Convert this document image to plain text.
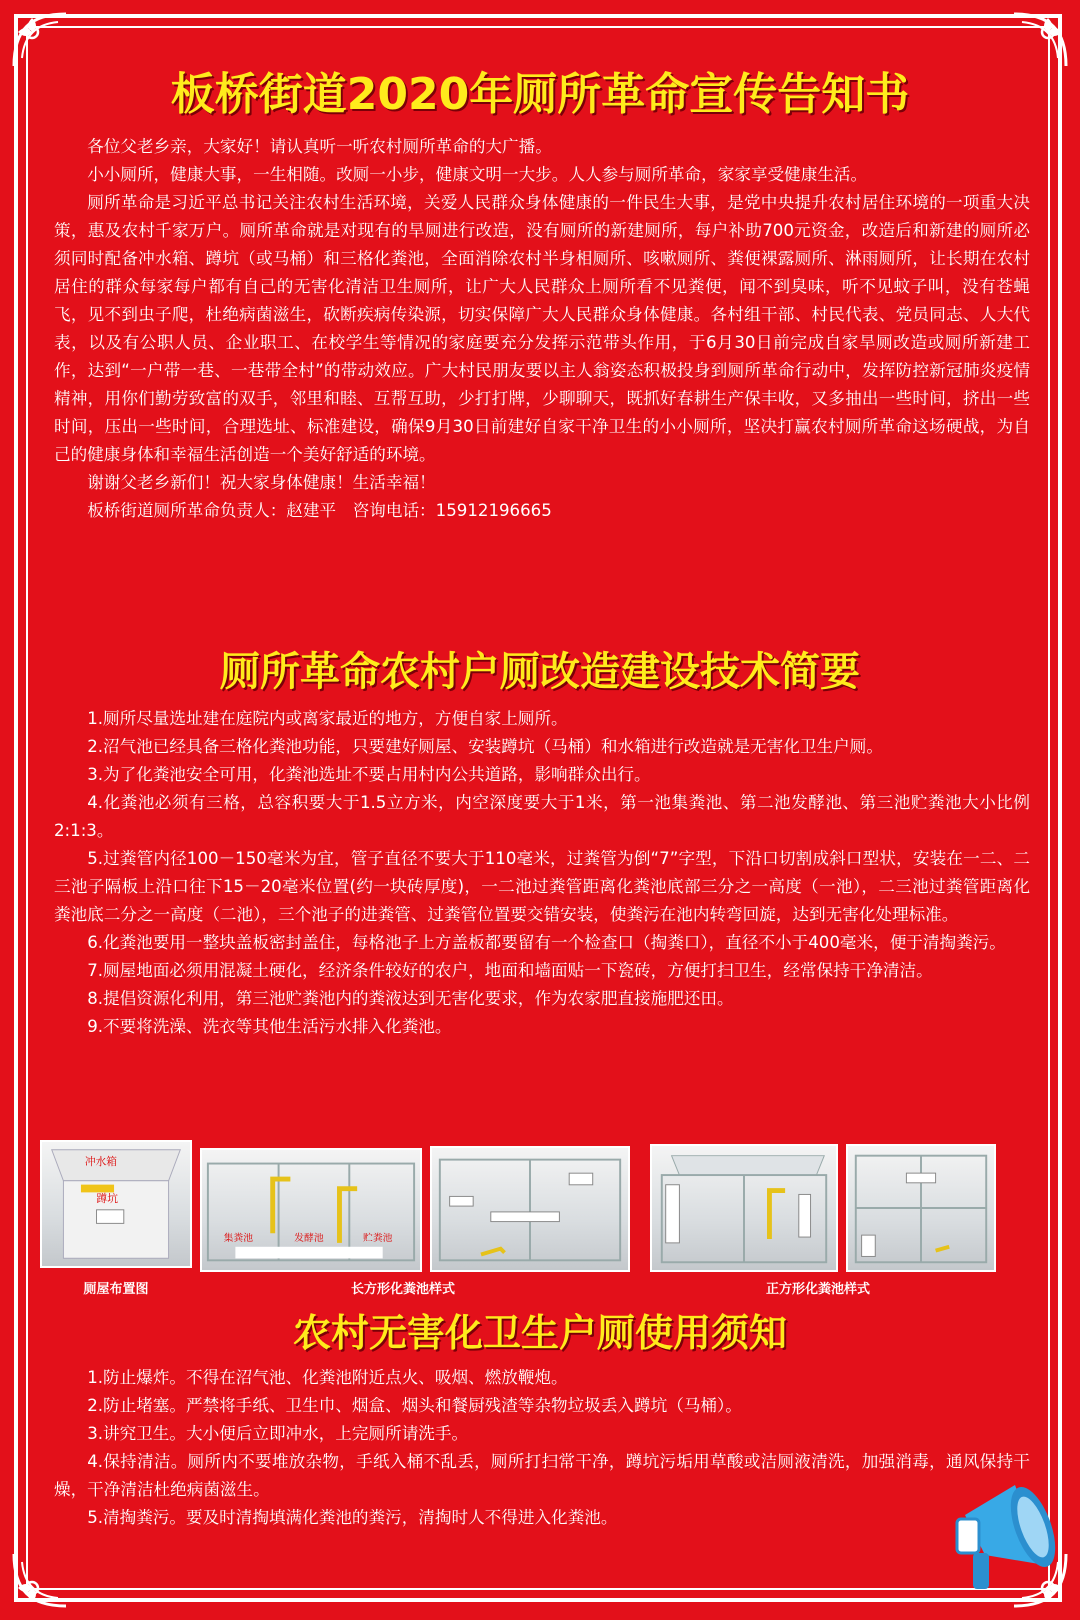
板桥街道2020年厕所革命宣传告知书

各位父老乡亲，大家好！请认真听一听农村厕所革命的大广播。

小小厕所，健康大事，一生相随。改厕一小步，健康文明一大步。人人参与厕所革命，家家享受健康生活。

厕所革命是习近平总书记关注农村生活环境，关爱人民群众身体健康的一件民生大事，是党中央提升农村居住环境的一项重大决策，惠及农村千家万户。厕所革命就是对现有的旱厕进行改造，没有厕所的新建厕所，每户补助700元资金，改造后和新建的厕所必须同时配备冲水箱、蹲坑（或马桶）和三格化粪池，全面消除农村半身相厕所、咳嗽厕所、粪便裸露厕所、淋雨厕所，让长期在农村居住的群众每家每户都有自己的无害化清洁卫生厕所，让广大人民群众上厕所看不见粪便，闻不到臭味，听不见蚊子叫，没有苍蝇飞，见不到虫子爬，杜绝病菌滋生，砍断疾病传染源，切实保障广大人民群众身体健康。各村组干部、村民代表、党员同志、人大代表，以及有公职人员、企业职工、在校学生等情况的家庭要充分发挥示范带头作用，于6月30日前完成自家旱厕改造或厕所新建工作，达到“一户带一巷、一巷带全村”的带动效应。广大村民朋友要以主人翁姿态积极投身到厕所革命行动中，发挥防控新冠肺炎疫情精神，用你们勤劳致富的双手，邻里和睦、互帮互助，少打打牌，少聊聊天，既抓好春耕生产保丰收，又多抽出一些时间，挤出一些时间，压出一些时间，合理选址、标准建设，确保9月30日前建好自家干净卫生的小小厕所，坚决打赢农村厕所革命这场硬战，为自己的健康身体和幸福生活创造一个美好舒适的环境。

谢谢父老乡新们！祝大家身体健康！生活幸福！

板桥街道厕所革命负责人：赵建平　咨询电话：15912196665

厕所革命农村户厕改造建设技术简要

1.厕所尽量选址建在庭院内或离家最近的地方，方便自家上厕所。

2.沼气池已经具备三格化粪池功能，只要建好厕屋、安装蹲坑（马桶）和水箱进行改造就是无害化卫生户厕。

3.为了化粪池安全可用，化粪池选址不要占用村内公共道路，影响群众出行。

4.化粪池必须有三格，总容积要大于1.5立方米，内空深度要大于1米，第一池集粪池、第二池发酵池、第三池贮粪池大小比例2:1:3。

5.过粪管内径100－150毫米为宜，管子直径不要大于110毫米，过粪管为倒“7”字型，下沿口切割成斜口型状，安装在一二、二三池子隔板上沿口往下15－20毫米位置(约一块砖厚度)，一二池过粪管距离化粪池底部三分之一高度（一池），二三池过粪管距离化粪池底二分之一高度（二池），三个池子的进粪管、过粪管位置要交错安装，使粪污在池内转弯回旋，达到无害化处理标准。

6.化粪池要用一整块盖板密封盖住，每格池子上方盖板都要留有一个检查口（掏粪口），直径不小于400毫米，便于清掏粪污。

7.厕屋地面必须用混凝土硬化，经济条件较好的农户，地面和墙面贴一下瓷砖，方便打扫卫生，经常保持干净清洁。

8.提倡资源化利用，第三池贮粪池内的粪液达到无害化要求，作为农家肥直接施肥还田。

9.不要将洗澡、洗衣等其他生活污水排入化粪池。

冲水箱
蹲坑
集粪池	发酵池	贮粪池
厕屋布置图	长方形化粪池样式	正方形化粪池样式
农村无害化卫生户厕使用须知

1.防止爆炸。不得在沼气池、化粪池附近点火、吸烟、燃放鞭炮。

2.防止堵塞。严禁将手纸、卫生巾、烟盒、烟头和餐厨残渣等杂物垃圾丢入蹲坑（马桶）。

3.讲究卫生。大小便后立即冲水，上完厕所请洗手。

4.保持清洁。厕所内不要堆放杂物，手纸入桶不乱丢，厕所打扫常干净，蹲坑污垢用草酸或洁厕液清洗，加强消毒，通风保持干燥，干净清洁杜绝病菌滋生。

5.清掏粪污。要及时清掏填满化粪池的粪污，清掏时人不得进入化粪池。
